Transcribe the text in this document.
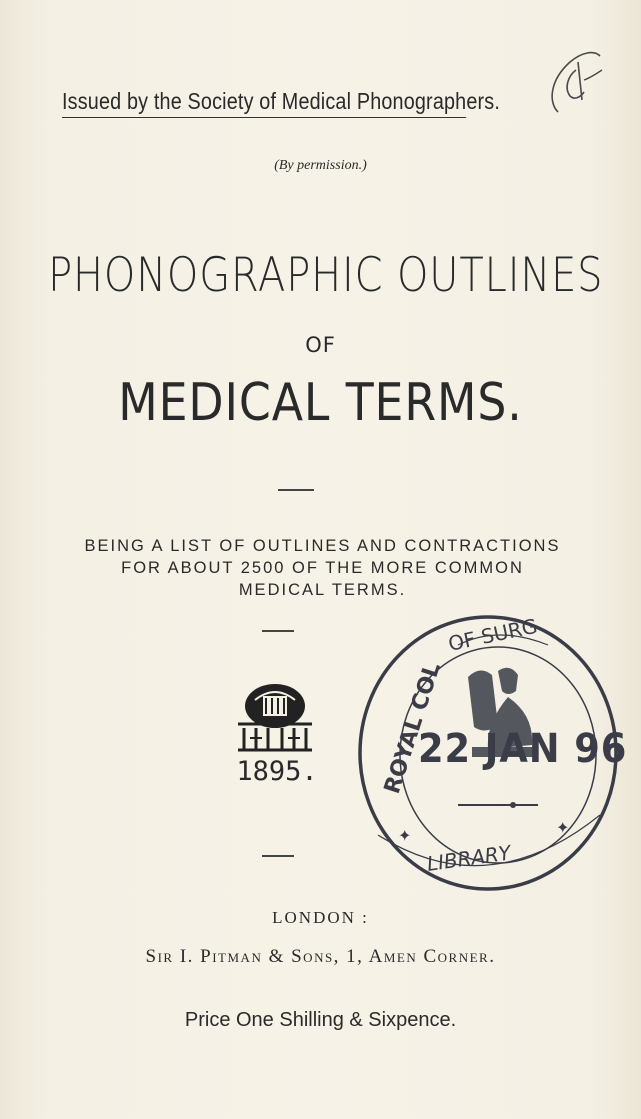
Issued by the Society of Medical Phonographers.
(By permission.)
PHONOGRAPHIC OUTLINES
OF
MEDICAL TERMS.
BEING A LIST OF OUTLINES AND CONTRACTIONS
FOR ABOUT 2500 OF THE MORE COMMON
MEDICAL TERMS.
1895.	ROYAL COL
OF SURG
LIBRARY
✦	✦
22 JAN 96
LONDON :
Sir I. Pitman & Sons, 1, Amen Corner.
Price One Shilling & Sixpence.
